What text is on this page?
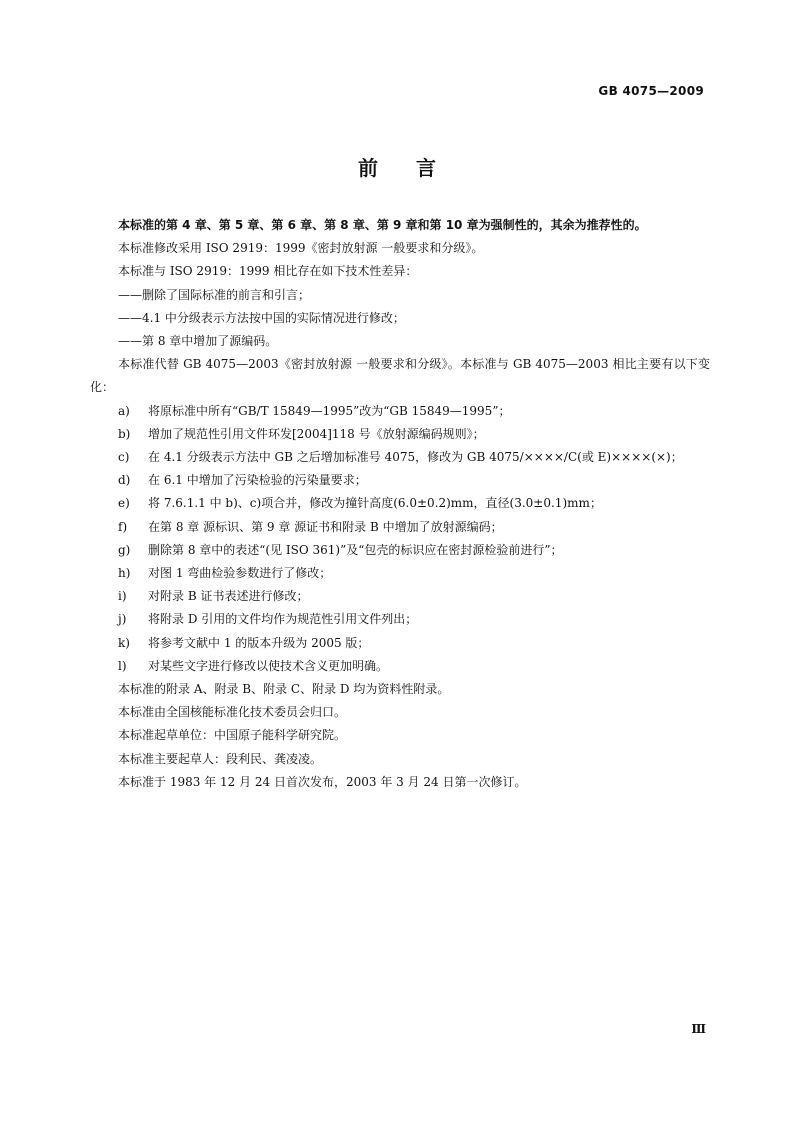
GB 4075—2009
前言

本标准的第 4 章、第 5 章、第 6 章、第 8 章、第 9 章和第 10 章为强制性的，其余为推荐性的。

本标准修改采用 ISO 2919：1999《密封放射源 一般要求和分级》。

本标准与 ISO 2919：1999 相比存在如下技术性差异：

——删除了国际标准的前言和引言；

——4.1 中分级表示方法按中国的实际情况进行修改；

——第 8 章中增加了源编码。

本标准代替 GB 4075—2003《密封放射源 一般要求和分级》。本标准与 GB 4075—2003 相比主要有以下变化：

a)	将原标准中所有“GB/T 15849—1995”改为“GB 15849—1995”；
b)	增加了规范性引用文件环发[2004]118 号《放射源编码规则》；
c)	在 4.1 分级表示方法中 GB 之后增加标准号 4075，修改为 GB 4075/××××/C(或 E)××××(×)；
d)	在 6.1 中增加了污染检验的污染量要求；
e)	将 7.6.1.1 中 b)、c)项合并，修改为撞针高度(6.0±0.2)mm，直径(3.0±0.1)mm；
f)	在第 8 章 源标识、第 9 章 源证书和附录 B 中增加了放射源编码；
g)	删除第 8 章中的表述“(见 ISO 361)”及“包壳的标识应在密封源检验前进行”；
h)	对图 1 弯曲检验参数进行了修改；
i)	对附录 B 证书表述进行修改；
j)	将附录 D 引用的文件均作为规范性引用文件列出；
k)	将参考文献中 1 的版本升级为 2005 版；
l)	对某些文字进行修改以使技术含义更加明确。

本标准的附录 A、附录 B、附录 C、附录 D 均为资料性附录。

本标准由全国核能标准化技术委员会归口。

本标准起草单位：中国原子能科学研究院。

本标准主要起草人：段利民、龚凌凌。

本标准于 1983 年 12 月 24 日首次发布，2003 年 3 月 24 日第一次修订。

Ⅲ
